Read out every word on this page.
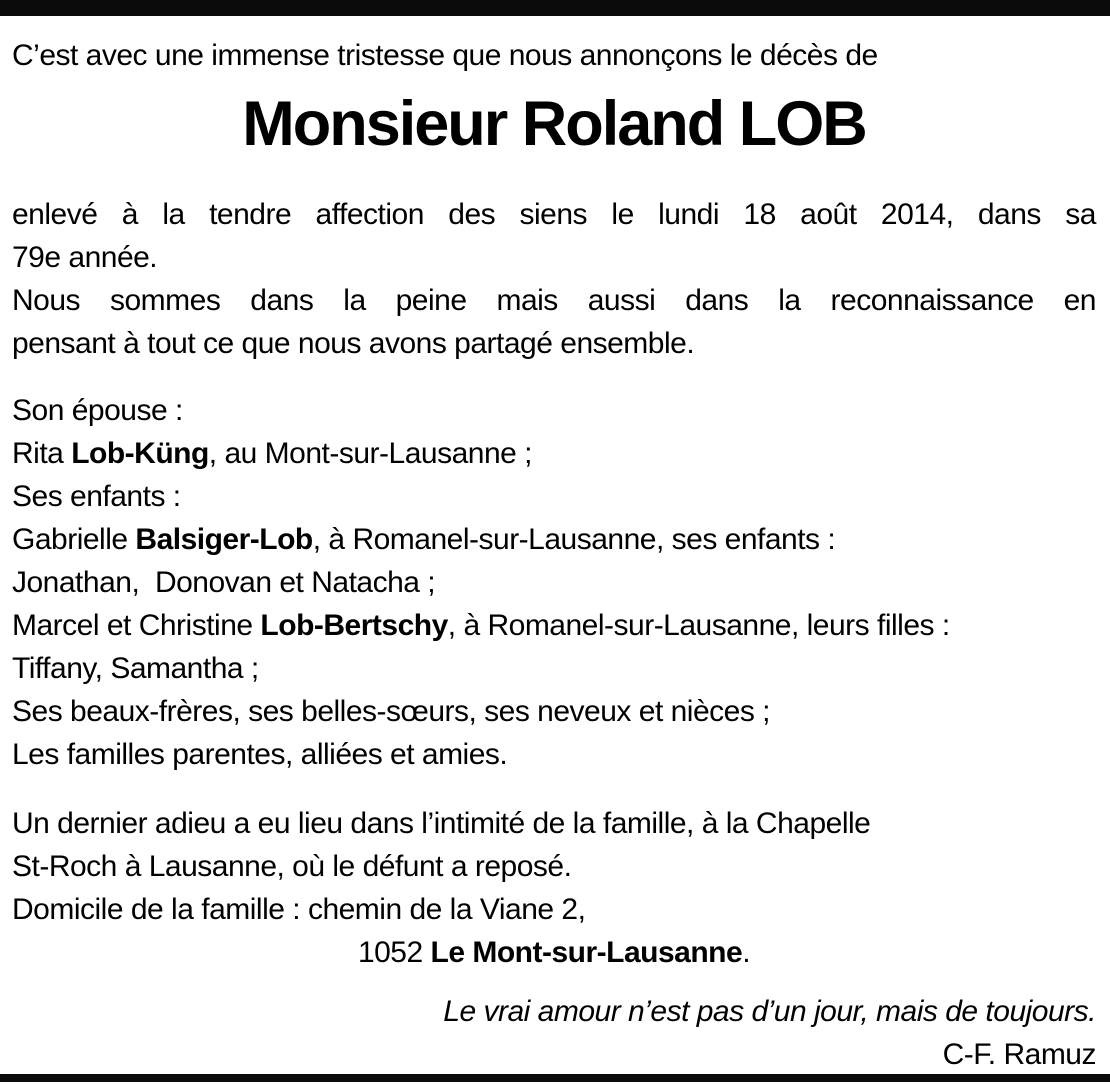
C’est avec une immense tristesse que nous annonçons le décès de

Monsieur Roland LOB
enlevé à la tendre affection des siens le lundi 18 août 2014, dans sa
79e année.
Nous sommes dans la peine mais aussi dans la reconnaissance en
pensant à tout ce que nous avons partagé ensemble.
Son épouse :
Rita Lob-Küng, au Mont-sur-Lausanne ;
Ses enfants :
Gabrielle Balsiger-Lob, à Romanel-sur-Lausanne, ses enfants :
Jonathan,  Donovan et Natacha ;
Marcel et Christine Lob-Bertschy, à Romanel-sur-Lausanne, leurs filles :
Tiffany, Samantha ;
Ses beaux-frères, ses belles-sœurs, ses neveux et nièces ;
Les familles parentes, alliées et amies.
Un dernier adieu a eu lieu dans l’intimité de la famille, à la Chapelle
St-Roch à Lausanne, où le défunt a reposé.
Domicile de la famille : chemin de la Viane 2,
1052 Le Mont-sur-Lausanne.
Le vrai amour n’est pas d’un jour, mais de toujours.
C-F. Ramuz
